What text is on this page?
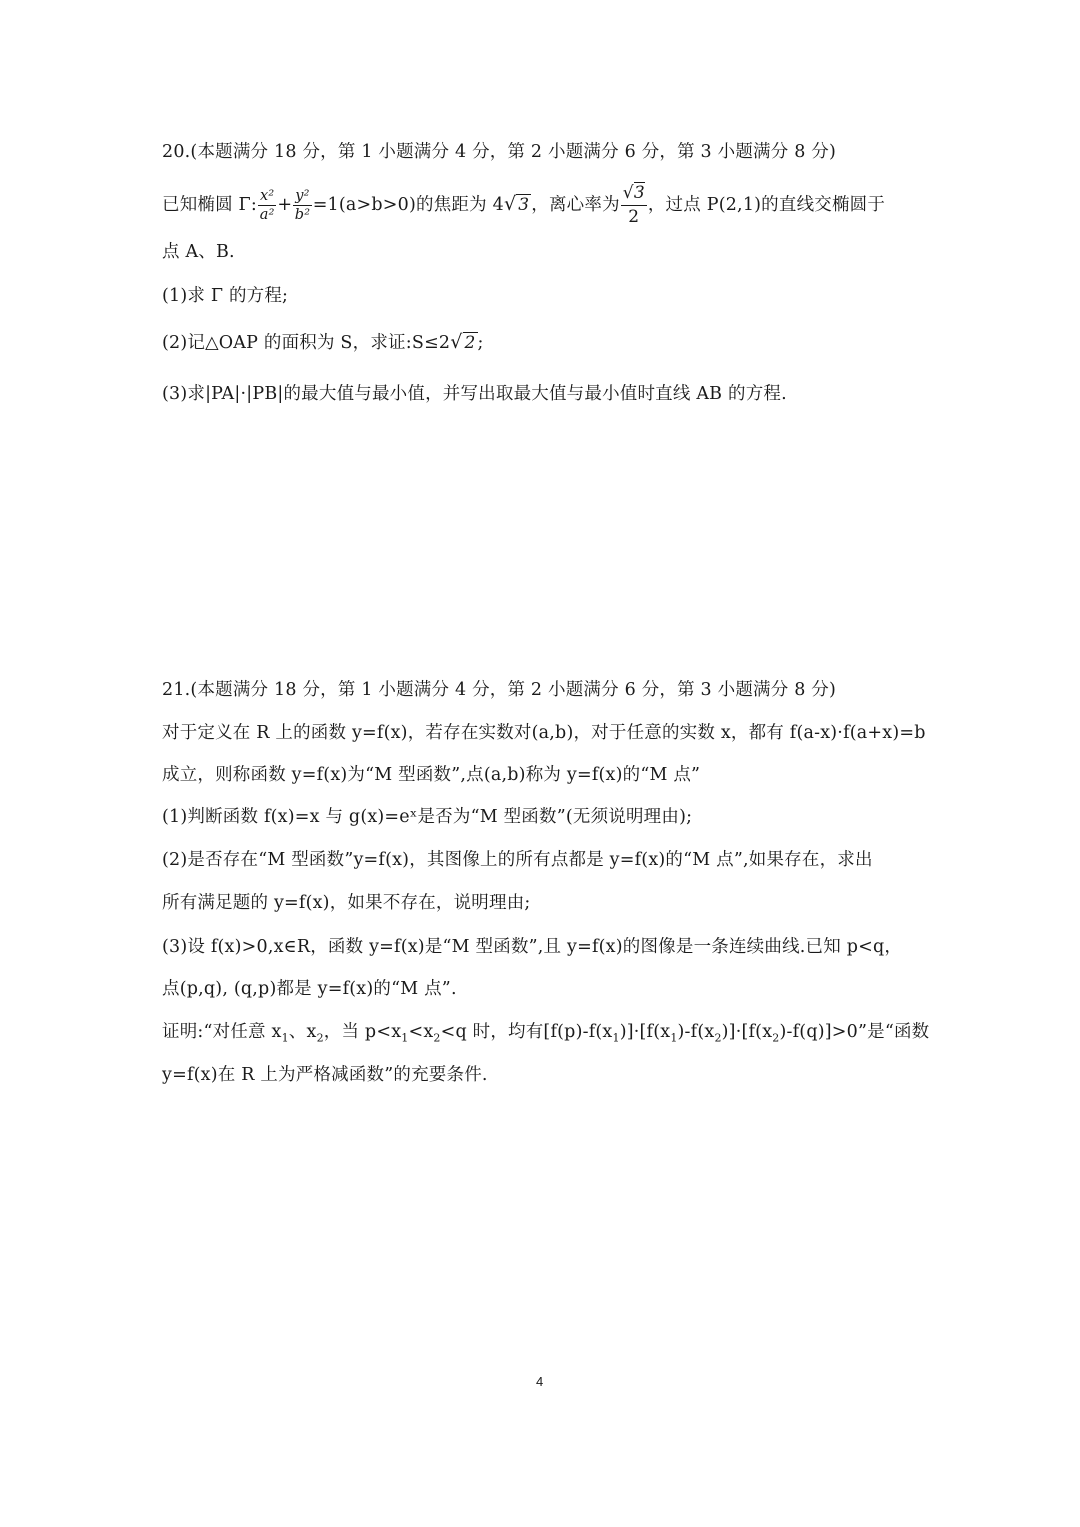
20.(本题满分 18 分，第 1 小题满分 4 分，第 2 小题满分 6 分，第 3 小题满分 8 分)
已知椭圆 Γ: $\frac{\text{x²}}{\text{a²}} + \frac{\text{y²}}{\text{b²}} =1(a>b>0)$的焦距为 4√ 3 ，离心率为 $\frac{√3}{2}$ ，过点 P(2,1)的直线交椭圆于
点 A、B.
(1)求 Γ 的方程;
(2)记△OAP 的面积为 S，求证:S≤2√ 2 ;
(3)求|PA|·|PB|的最大值与最小值，并写出取最大值与最小值时直线 AB 的方程.
21.(本题满分 18 分，第 1 小题满分 4 分，第 2 小题满分 6 分，第 3 小题满分 8 分)
对于定义在 R 上的函数 y=f(x)，若存在实数对(a,b)，对于任意的实数 x，都有 f(a-x)·f(a+x)=b
成立，则称函数 y=f(x)为“M 型函数”,点(a,b)称为 y=f(x)的“M 点”
(1)判断函数 f(x)=x 与 g(x)=eˣ是否为“M 型函数”(无须说明理由);
(2)是否存在“M 型函数”y=f(x)，其图像上的所有点都是 y=f(x)的“M 点”,如果存在，求出
所有满足题的 y=f(x)，如果不存在，说明理由;
(3)设 f(x)>0,x∈R，函数 y=f(x)是“M 型函数”,且 y=f(x)的图像是一条连续曲线.已知 p<q，
点(p,q), (q,p)都是 y=f(x)的“M 点”.
证明:“对任意 $x_1$、$x_2$，当 $p<x_1<x_2<q$ 时，均有$[f(p)-f(x_1)]\cdot[f(x_1)-f(x_2)]\cdot[f(x_2)-f(q)]>0$”是“函数
y=f(x)在 R 上为严格减函数”的充要条件.
4
